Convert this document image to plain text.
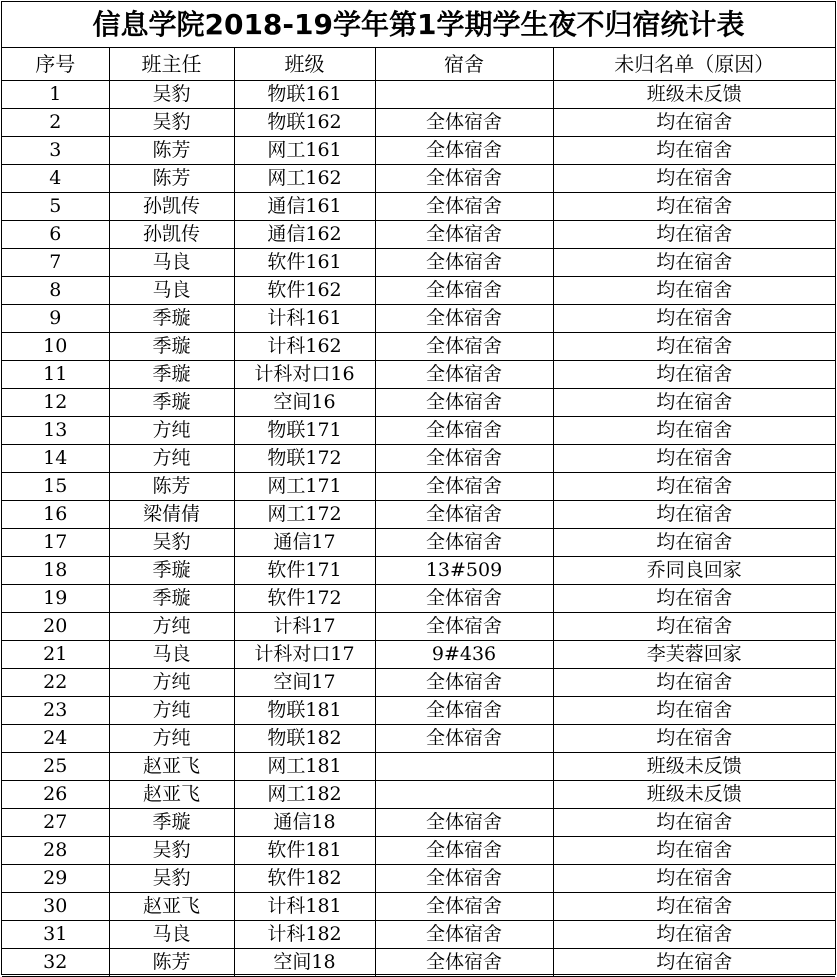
信息学院2018-19学年第1学期学生夜不归宿统计表
序号	班主任	班级	宿舍	未归名单（原因）
1	吴豹	物联161		班级未反馈
2	吴豹	物联162	全体宿舍	均在宿舍
3	陈芳	网工161	全体宿舍	均在宿舍
4	陈芳	网工162	全体宿舍	均在宿舍
5	孙凯传	通信161	全体宿舍	均在宿舍
6	孙凯传	通信162	全体宿舍	均在宿舍
7	马良	软件161	全体宿舍	均在宿舍
8	马良	软件162	全体宿舍	均在宿舍
9	季璇	计科161	全体宿舍	均在宿舍
10	季璇	计科162	全体宿舍	均在宿舍
11	季璇	计科对口16	全体宿舍	均在宿舍
12	季璇	空间16	全体宿舍	均在宿舍
13	方纯	物联171	全体宿舍	均在宿舍
14	方纯	物联172	全体宿舍	均在宿舍
15	陈芳	网工171	全体宿舍	均在宿舍
16	梁倩倩	网工172	全体宿舍	均在宿舍
17	吴豹	通信17	全体宿舍	均在宿舍
18	季璇	软件171	13#509	乔同良回家
19	季璇	软件172	全体宿舍	均在宿舍
20	方纯	计科17	全体宿舍	均在宿舍
21	马良	计科对口17	9#436	李芙蓉回家
22	方纯	空间17	全体宿舍	均在宿舍
23	方纯	物联181	全体宿舍	均在宿舍
24	方纯	物联182	全体宿舍	均在宿舍
25	赵亚飞	网工181		班级未反馈
26	赵亚飞	网工182		班级未反馈
27	季璇	通信18	全体宿舍	均在宿舍
28	吴豹	软件181	全体宿舍	均在宿舍
29	吴豹	软件182	全体宿舍	均在宿舍
30	赵亚飞	计科181	全体宿舍	均在宿舍
31	马良	计科182	全体宿舍	均在宿舍
32	陈芳	空间18	全体宿舍	均在宿舍
